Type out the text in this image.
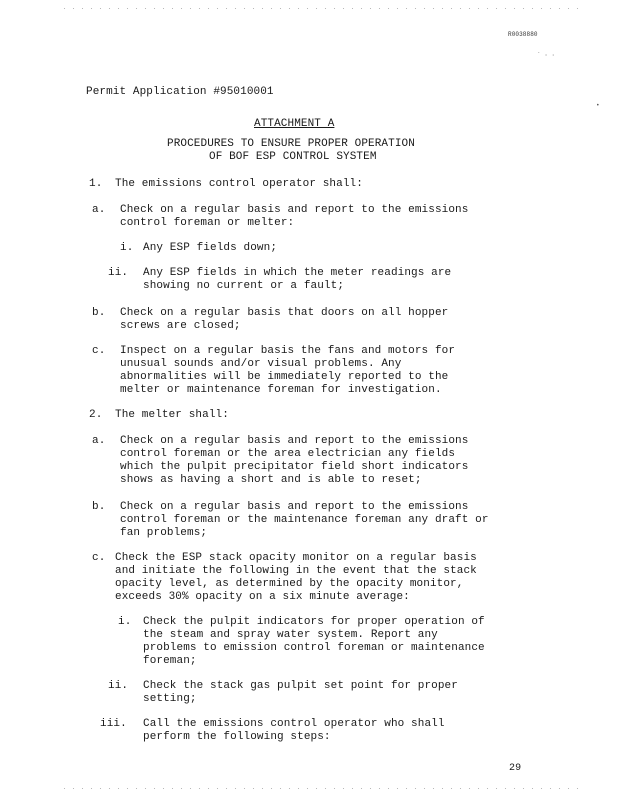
` · ·
•
R0038880
Permit Application #95010001
ATTACHMENT A
PROCEDURES TO ENSURE PROPER OPERATION
OF BOF ESP CONTROL SYSTEM
1. The emissions control operator shall:
a. Check on a regular basis and report to the emissions
control foreman or melter:
i. Any ESP fields down;
ii. Any ESP fields in which the meter readings are
showing no current or a fault;
b. Check on a regular basis that doors on all hopper
screws are closed;
c. Inspect on a regular basis the fans and motors for
unusual sounds and/or visual problems. Any
abnormalities will be immediately reported to the
melter or maintenance foreman for investigation.
2. The melter shall:
a. Check on a regular basis and report to the emissions
control foreman or the area electrician any fields
which the pulpit precipitator field short indicators
shows as having a short and is able to reset;
b. Check on a regular basis and report to the emissions
control foreman or the maintenance foreman any draft or
fan problems;
c. Check the ESP stack opacity monitor on a regular basis
and initiate the following in the event that the stack
opacity level, as determined by the opacity monitor,
exceeds 30% opacity on a six minute average:
i. Check the pulpit indicators for proper operation of
the steam and spray water system. Report any
problems to emission control foreman or maintenance
foreman;
ii. Check the stack gas pulpit set point for proper
setting;
iii. Call the emissions control operator who shall
perform the following steps:
29
